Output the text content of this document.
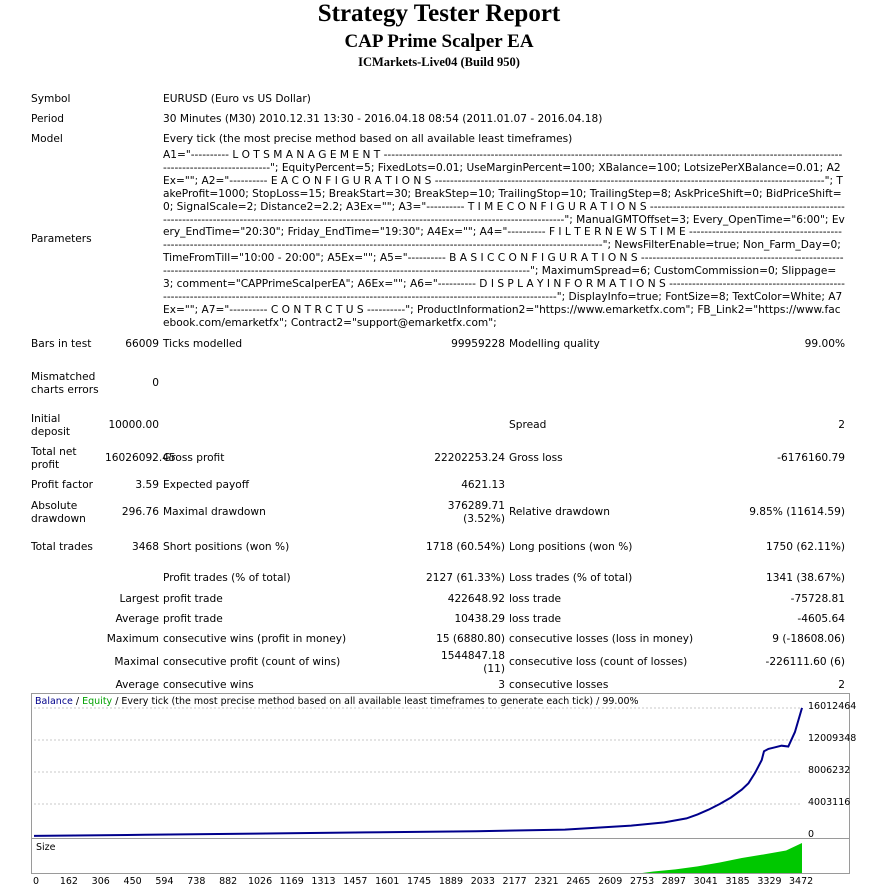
Strategy Tester Report
CAP Prime Scalper EA
ICMarkets-Live04 (Build 950)
Symbol		EURUSD (Euro vs US Dollar)			
Period		30 Minutes (M30) 2010.12.31 13:30 - 2016.04.18 08:54 (2011.01.07 - 2016.04.18)			
Model		Every tick (the most precise method based on all available least timeframes)			
Parameters		A1="---------- L O T S M A N A G E M E N T ----------------------------------------------------------------------------------------------------------------------------------------------------"; EquityPercent=5; FixedLots=0.01; UseMarginPercent=100; XBalance=100; LotsizePerXBalance=0.01; A2Ex=""; A2="---------- E A C O N F I G U R A T I O N S ------------------------------------------------------------------------------------------------------"; TakeProfit=1000; StopLoss=15; BreakStart=30; BreakStep=10; TrailingStop=10; TrailingStep=8; AskPriceShift=0; BidPriceShift=0; SignalScale=2; Distance2=2.2; A3Ex=""; A3="---------- T I M E C O N F I G U R A T I O N S ------------------------------------------------------------------------------------------------------------------------------------------------------------"; ManualGMTOffset=3; Every_OpenTime="6:00"; Every_EndTime="20:30"; Friday_EndTime="19:30"; A4Ex=""; A4="---------- F I L T E R N E W S T I M E -----------------------------------------------------------------------------------------------------------------------------------------------------------"; NewsFilterEnable=true; Non_Farm_Day=0; TimeFromTill="10:00 - 20:00"; A5Ex=""; A5="---------- B A S I C C O N F I G U R A T I O N S -----------------------------------------------------------------------------------------------------------------------------------------------------"; MaximumSpread=6; CustomCommission=0; Slippage=3; comment="CAPPrimeScalperEA"; A6Ex=""; A6="---------- D I S P L A Y I N F O R M A T I O N S -----------------------------------------------------------------------------------------------------------------------------------------------------"; DisplayInfo=true; FontSize=8; TextColor=White; A7Ex=""; A7="---------- C O N T R C T U S ----------"; ProductInformation2="https://www.emarketfx.com"; FB_Link2="https://www.facebook.com/emarketfx"; Contract2="support@emarketfx.com";			
Bars in test	66009	Ticks modelled	99959228	Modelling quality	99.00%
Mismatched charts errors	0				
Initial deposit	10000.00			Spread	2
Total net profit	16026092.45	Gross profit	22202253.24	Gross loss	-6176160.79
Profit factor	3.59	Expected payoff	4621.13		
Absolute drawdown	296.76	Maximal drawdown	376289.71 (3.52%)	Relative drawdown	9.85% (11614.59)
Total trades	3468	Short positions (won %)	1718 (60.54%)	Long positions (won %)	1750 (62.11%)
		Profit trades (% of total)	2127 (61.33%)	Loss trades (% of total)	1341 (38.67%)
	Largest	profit trade	422648.92	loss trade	-75728.81
	Average	profit trade	10438.29	loss trade	-4605.64
	Maximum	consecutive wins (profit in money)	15 (6880.80)	consecutive losses (loss in money)	9 (-18608.06)
	Maximal	consecutive profit (count of wins)	1544847.18 (11)	consecutive loss (count of losses)	-226111.60 (6)
	Average	consecutive wins	3	consecutive losses	2
Balance / Equity / Every tick (the most precise method based on all available least timeframes to generate each tick) / 99.00%
Size
16012464
12009348
8006232
4003116
0
0 162 306 450 594 738 882 1026 1169 1313 1457 1601 1745 1889 2033 2177 2321 2465 2609 2753 2897 3041 3185 3329 3472
